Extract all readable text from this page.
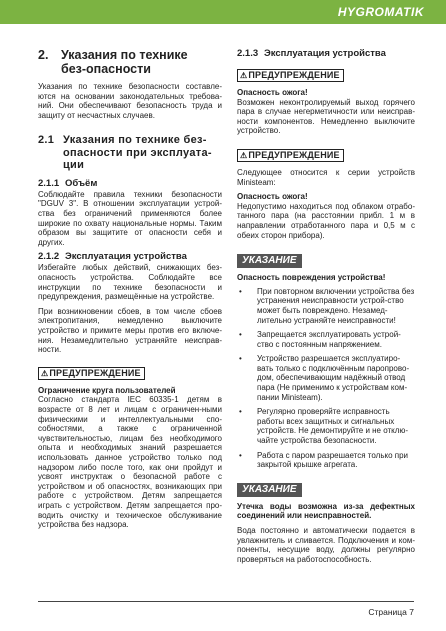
HYGROMATIK
2.	Указания по технике без-опасности

Указания по технике безопасности составле-ются на основании законодательных требова-ний. Они обеспечивают безопасность труда и защиту от несчастных случаев.

2.1 Указания по технике без-опасности при эксплуата-ции
2.1.1 Объём

Соблюдайте правила техники безопасности "DGUV 3". В отношении эксплуатации устрой-ства без ограничений применяются более широкие по охвату национальные нормы. Таким образом вы защитите от опасности себя и других.

2.1.2 Эксплуатация устройства

Избегайте любых действий, снижающих без-опасность устройства. Соблюдайте все инструкции по технике безопасности и предупреждения, размещённые на устройстве.

При возникновении сбоев, в том числе сбоев электропитания, немедленно выключите устройство и примите меры против его включе-ния. Незамедлительно устраняйте неисправ-ности.

⚠ПРЕДУПРЕЖДЕНИЕ

Ограничение круга пользователей

Согласно стандарта IEC 60335-1 детям в возрасте от 8 лет и лицам с ограничен-ными физическими и интеллектуальными спо-собностями, а также с ограниченной чувствительностью, лицам без необходимого опыта и необходимых знаний разрешается использовать данное устройство только под надзором либо после того, как они пройдут и усвоят инструктаж о безопасной работе с устройством и об опасностях, возникающих при работе с устройством. Детям запрещается играть с устройством. Детям запрещается про-водить очистку и техническое обслуживание устройства без надзора.

2.1.3 Эксплуатация устройства
⚠ПРЕДУПРЕЖДЕНИЕ

Опасность ожога!

Возможен неконтролируемый выход горячего пара в случае негерметичности или неисправ-ности компонентов. Немедленно выключите устройство.

⚠ПРЕДУПРЕЖДЕНИЕ

Следующее относится к серии устройств Ministeam:

Опасность ожога!

Недопустимо находиться под облаком отрабо-танного пара (на расстоянии прибл. 1 м в направлении отработанного пара и 0,5 м с обеих сторон прибора).

УКАЗАНИЕ

Опасность повреждения устройства!

• При повторном включении устройства без устранения неисправности устрой-ство может быть повреждено. Незамед-лительно устраняйте неисправности!
• Запрещается эксплуатировать устрой-ство с постоянным напряжением.
• Устройство разрешается эксплуатиро-вать только с подключённым паропрово-дом, обеспечивающим надёжный отвод пара (Не применимо к устройствам ком-пании Ministeam).
• Регулярно проверяйте исправность работы всех защитных и сигнальных устройств. Не демонтируйте и не отклю-чайте устройства безопасности.
• Работа с паром разрешается только при закрытой крышке агрегата.
УКАЗАНИЕ

Утечка воды возможна из-за дефектных соединений или неисправностей.

Вода постоянно и автоматически подается в увлажнитель и сливается. Подключения и ком-поненты, несущие воду, должны регулярно проверяться на работоспособность.

Страница 7
